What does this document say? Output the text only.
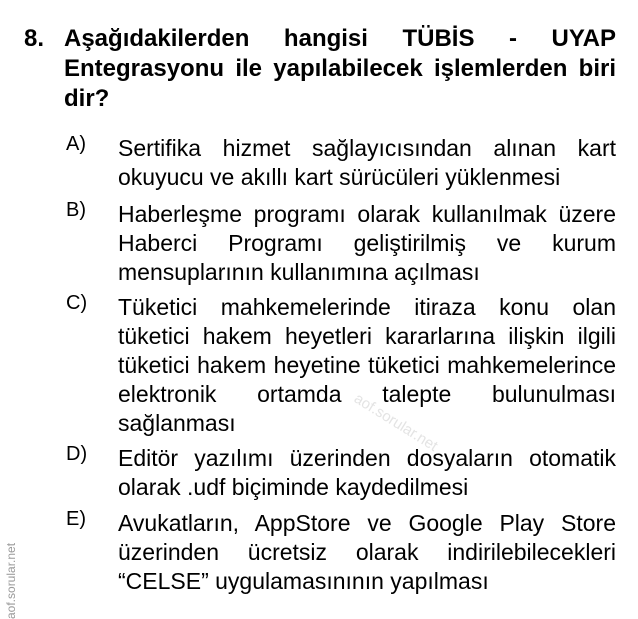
8. Aşağıdakilerden hangisi TÜBİS - UYAP Entegrasyonu ile yapılabilecek işlemlerden biri dir?
A)	Sertifika hizmet sağlayıcısından alınan kart okuyucu ve akıllı kart sürücüleri yüklenmesi
B)	Haberleşme programı olarak kullanılmak üzere Haberci Programı geliştirilmiş ve kurum mensuplarının kullanımına açılması
C)	Tüketici mahkemelerinde itiraza konu olan tüketici hakem heyetleri kararlarına ilişkin ilgili tüketici hakem heyetine tüketici mahkemelerince elektronik ortamda talepte bulunulması sağlanması
D)	Editör yazılımı üzerinden dosyaların otomatik olarak .udf biçiminde kaydedilmesi
E)	Avukatların, AppStore ve Google Play Store üzerinden ücretsiz olarak indirilebilecekleri “CELSE” uygulamasınının yapılması
aof.sorular.net
aof.sorular.net
